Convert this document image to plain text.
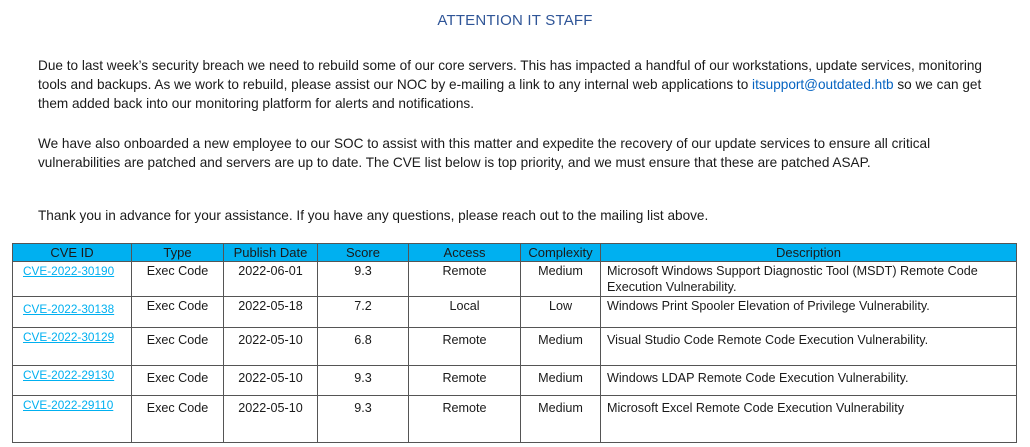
ATTENTION IT STAFF

Due to last week’s security breach we need to rebuild some of our core servers. This has impacted a handful of our workstations, update services, monitoring tools and backups. As we work to rebuild, please assist our NOC by e-mailing a link to any internal web applications to itsupport@outdated.htb so we can get them added back into our monitoring platform for alerts and notifications.

We have also onboarded a new employee to our SOC to assist with this matter and expedite the recovery of our update services to ensure all critical vulnerabilities are patched and servers are up to date. The CVE list below is top priority, and we must ensure that these are patched ASAP.

Thank you in advance for your assistance. If you have any questions, please reach out to the mailing list above.

CVE ID	Type	Publish Date	Score	Access	Complexity	Description
CVE-2022-30190	Exec Code	2022-06-01	9.3	Remote	Medium	Microsoft Windows Support Diagnostic Tool (MSDT) Remote Code Execution Vulnerability.
CVE-2022-30138	Exec Code	2022-05-18	7.2	Local	Low	Windows Print Spooler Elevation of Privilege Vulnerability.
CVE-2022-30129	Exec Code	2022-05-10	6.8	Remote	Medium	Visual Studio Code Remote Code Execution Vulnerability.
CVE-2022-29130	Exec Code	2022-05-10	9.3	Remote	Medium	Windows LDAP Remote Code Execution Vulnerability.
CVE-2022-29110	Exec Code	2022-05-10	9.3	Remote	Medium	Microsoft Excel Remote Code Execution Vulnerability
